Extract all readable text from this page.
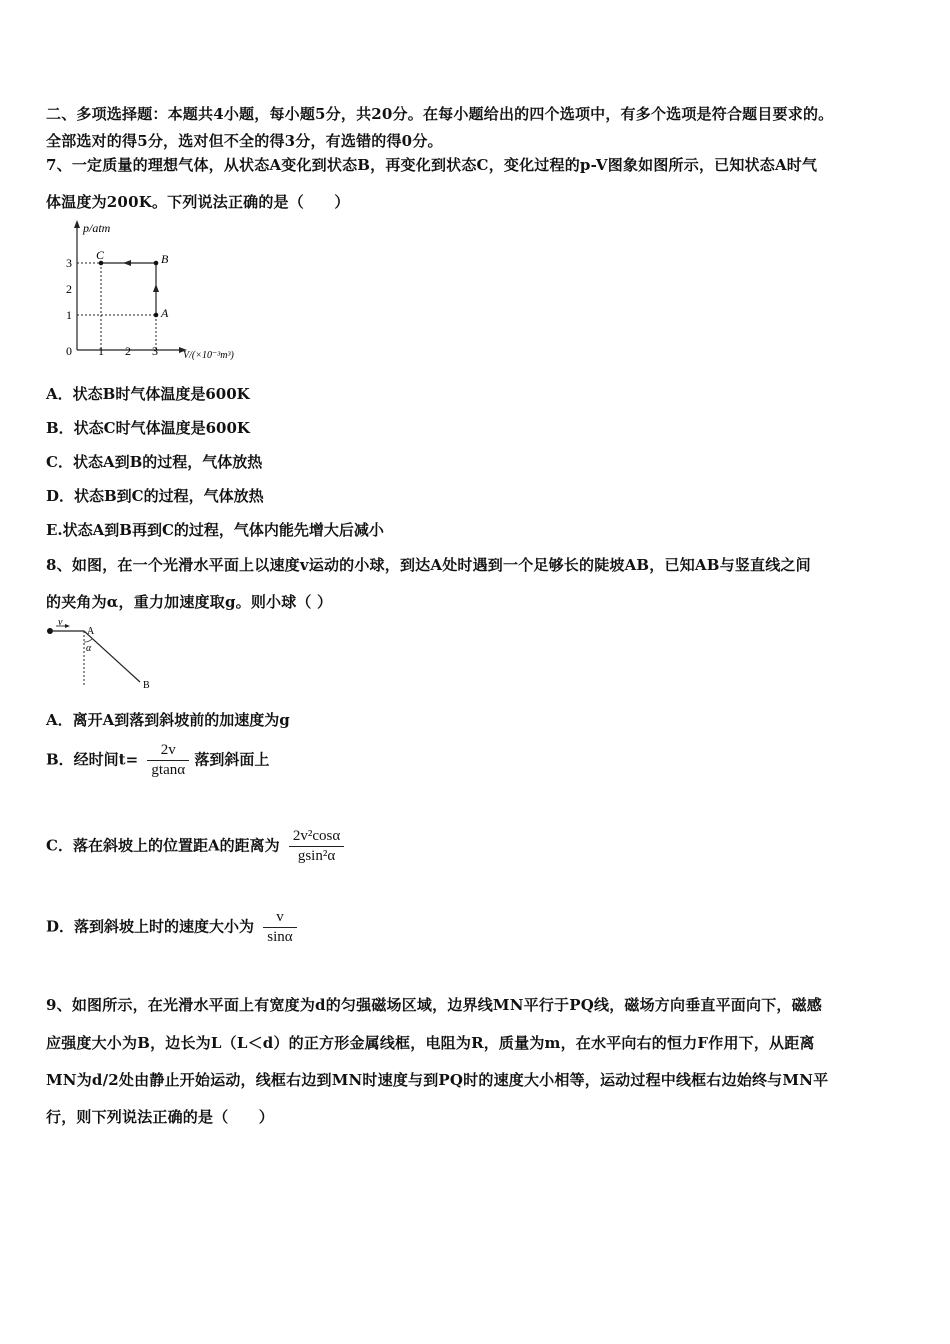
二、多项选择题：本题共4小题，每小题5分，共20分。在每小题给出的四个选项中，有多个选项是符合题目要求的。
全部选对的得5分，选对但不全的得3分，有选错的得0分。
7、一定质量的理想气体，从状态A变化到状态B，再变化到状态C，变化过程的p-V图象如图所示，已知状态A时气
体温度为200K。下列说法正确的是（　　）
p/atm
V/(×10⁻³m³)
0
1
2
3
1 2 3
A
B
C
A．状态B时气体温度是600K
B．状态C时气体温度是600K
C．状态A到B的过程，气体放热
D．状态B到C的过程，气体放热
E.状态A到B再到C的过程，气体内能先增大后减小
8、如图，在一个光滑水平面上以速度v运动的小球，到达A处时遇到一个足够长的陡坡AB，已知AB与竖直线之间
的夹角为α，重力加速度取g。则小球（ ）
v
A
α
B
A．离开A到落到斜坡前的加速度为g
B．经时间$t= \frac{2v}{gtan\alpha}$ 落到斜面上
C．落在斜坡上的位置距A的距离为 $\frac{\text{2v²cosα}}{\text{gsin²α}}$
D．落到斜坡上时的速度大小为 $\frac{v}{\sin\alpha}$
9、如图所示，在光滑水平面上有宽度为d的匀强磁场区域，边界线MN平行于PQ线，磁场方向垂直平面向下，磁感
应强度大小为B，边长为L（L＜d）的正方形金属线框，电阻为R，质量为m，在水平向右的恒力F作用下，从距离
MN为d/2处由静止开始运动，线框右边到MN时速度与到PQ时的速度大小相等，运动过程中线框右边始终与MN平
行，则下列说法正确的是（　　）
